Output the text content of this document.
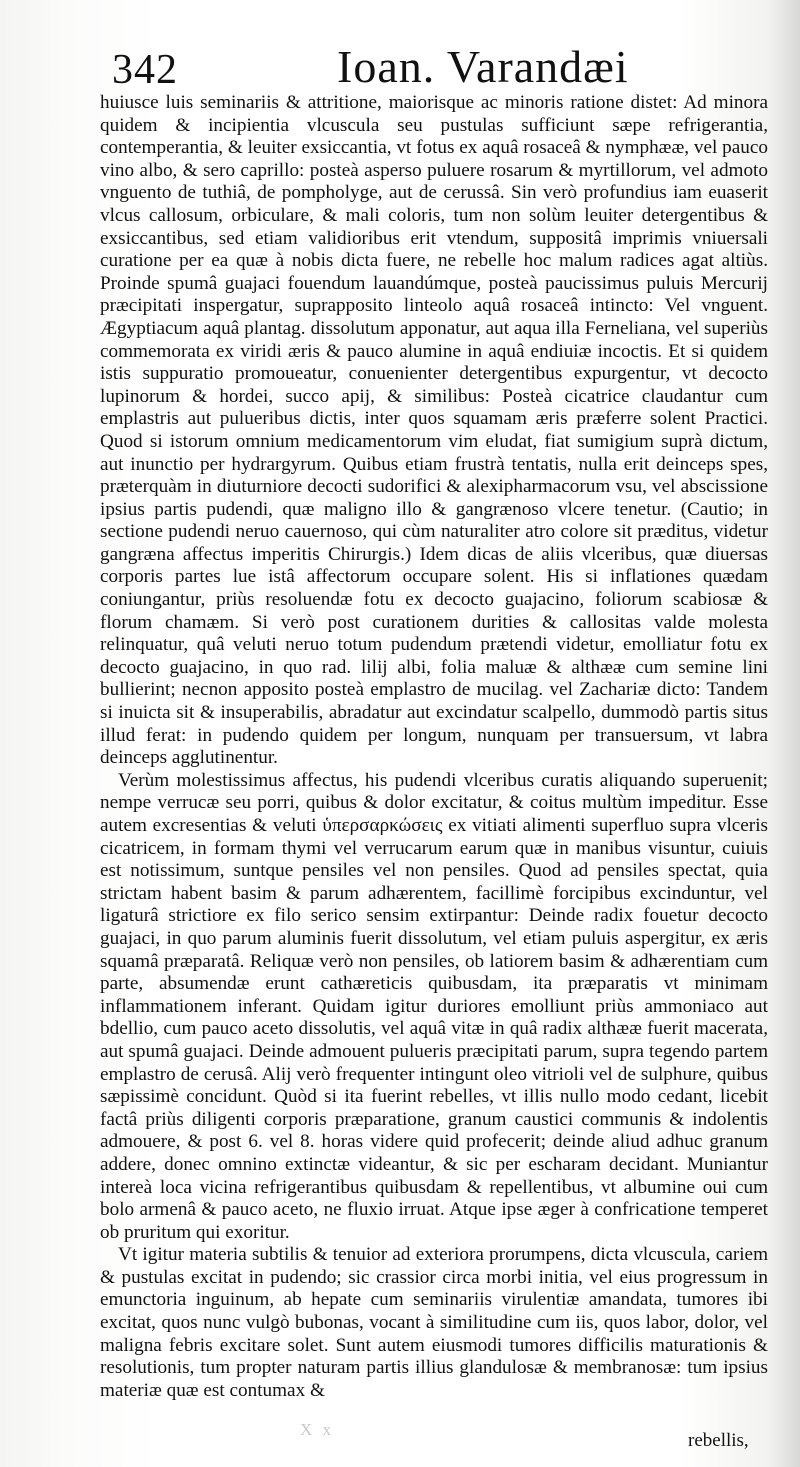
342	Ioan. Varandæi

huiusce luis seminariis & attritione, maiorisque ac minoris ratione distet: Ad minora quidem & incipientia vlcuscula seu pustulas sufficiunt sæpe refrigerantia, contemperantia, & leuiter exsiccantia, vt fotus ex aquâ rosaceâ & nymphææ, vel pauco vino albo, & sero caprillo: posteà asperso puluere rosarum & myrtillorum, vel admoto vnguento de tuthiâ, de pompholyge, aut de cerussâ. Sin verò profundius iam euaserit vlcus callosum, orbiculare, & mali coloris, tum non solùm leuiter detergentibus & exsiccantibus, sed etiam validioribus erit vtendum, suppositâ imprimis vniuersali curatione per ea quæ à nobis dicta fuere, ne rebelle hoc malum radices agat altiùs. Proinde spumâ guajaci fouendum lauandúmque, posteà paucissimus puluis Mercurij præcipitati inspergatur, suprapposito linteolo aquâ rosaceâ intincto: Vel vnguent. Ægyptiacum aquâ plantag. dissolutum apponatur, aut aqua illa Ferneliana, vel superiùs commemorata ex viridi æris & pauco alumine in aquâ endiuiæ incoctis. Et si quidem istis suppuratio promoueatur, conuenienter detergentibus expurgentur, vt decocto lupinorum & hordei, succo apij, & similibus: Posteà cicatrice claudantur cum emplastris aut pulueribus dictis, inter quos squamam æris præferre solent Practici. Quod si istorum omnium medicamentorum vim eludat, fiat sumigium suprà dictum, aut inunctio per hydrargyrum. Quibus etiam frustrà tentatis, nulla erit deinceps spes, præterquàm in diuturniore decocti sudorifici & alexipharmacorum vsu, vel abscissione ipsius partis pudendi, quæ maligno illo & gangrænoso vlcere tenetur. (Cautio; in sectione pudendi neruo cauernoso, qui cùm naturaliter atro colore sit præditus, videtur gangræna affectus imperitis Chirurgis.) Idem dicas de aliis vlceribus, quæ diuersas corporis partes lue istâ affectorum occupare solent. His si inflationes quædam coniungantur, priùs resoluendæ fotu ex decocto guajacino, foliorum scabiosæ & florum chamæm. Si verò post curationem durities & callositas valde molesta relinquatur, quâ veluti neruo totum pudendum prætendi videtur, emolliatur fotu ex decocto guajacino, in quo rad. lilij albi, folia maluæ & althææ cum semine lini bullierint; necnon apposito posteà emplastro de mucilag. vel Zachariæ dicto: Tandem si inuicta sit & insuperabilis, abradatur aut excindatur scalpello, dummodò partis situs illud ferat: in pudendo quidem per longum, nunquam per transuersum, vt labra deinceps agglutinentur.

Verùm molestissimus affectus, his pudendi vlceribus curatis aliquando superuenit; nempe verrucæ seu porri, quibus & dolor excitatur, & coitus multùm impeditur. Esse autem excresentias & veluti ὑπερσαρκώσεις ex vitiati alimenti superfluo supra vlceris cicatricem, in formam thymi vel verrucarum earum quæ in manibus visuntur, cuiuis est notissimum, suntque pensiles vel non pensiles. Quod ad pensiles spectat, quia strictam habent basim & parum adhærentem, facillimè forcipibus excinduntur, vel ligaturâ strictiore ex filo serico sensim extirpantur: Deinde radix fouetur decocto guajaci, in quo parum aluminis fuerit dissolutum, vel etiam puluis aspergitur, ex æris squamâ præparatâ. Reliquæ verò non pensiles, ob latiorem basim & adhærentiam cum parte, absumendæ erunt cathæreticis quibusdam, ita præparatis vt minimam inflammationem inferant. Quidam igitur duriores emolliunt priùs ammoniaco aut bdellio, cum pauco aceto dissolutis, vel aquâ vitæ in quâ radix althææ fuerit macerata, aut spumâ guajaci. Deinde admouent pulueris præcipitati parum, supra tegendo partem emplastro de cerusâ. Alij verò frequenter intingunt oleo vitrioli vel de sulphure, quibus sæpissimè concidunt. Quòd si ita fuerint rebelles, vt illis nullo modo cedant, licebit factâ priùs diligenti corporis præparatione, granum caustici communis & indolentis admouere, & post 6. vel 8. horas videre quid profecerit; deinde aliud adhuc granum addere, donec omnino extinctæ videantur, & sic per escharam decidant. Muniantur intereà loca vicina refrigerantibus quibusdam & repellentibus, vt albumine oui cum bolo armenâ & pauco aceto, ne fluxio irruat. Atque ipse æger à confricatione temperet ob pruritum qui exoritur.

Vt igitur materia subtilis & tenuior ad exteriora prorumpens, dicta vlcuscula, cariem & pustulas excitat in pudendo; sic crassior circa morbi initia, vel eius progressum in emunctoria inguinum, ab hepate cum seminariis virulentiæ amandata, tumores ibi excitat, quos nunc vulgò bubonas, vocant à similitudine cum iis, quos labor, dolor, vel maligna febris excitare solet. Sunt autem eiusmodi tumores difficilis maturationis & resolutionis, tum propter naturam partis illius glandulosæ & membranosæ: tum ipsius materiæ quæ est contumax &

X x
rebellis,
